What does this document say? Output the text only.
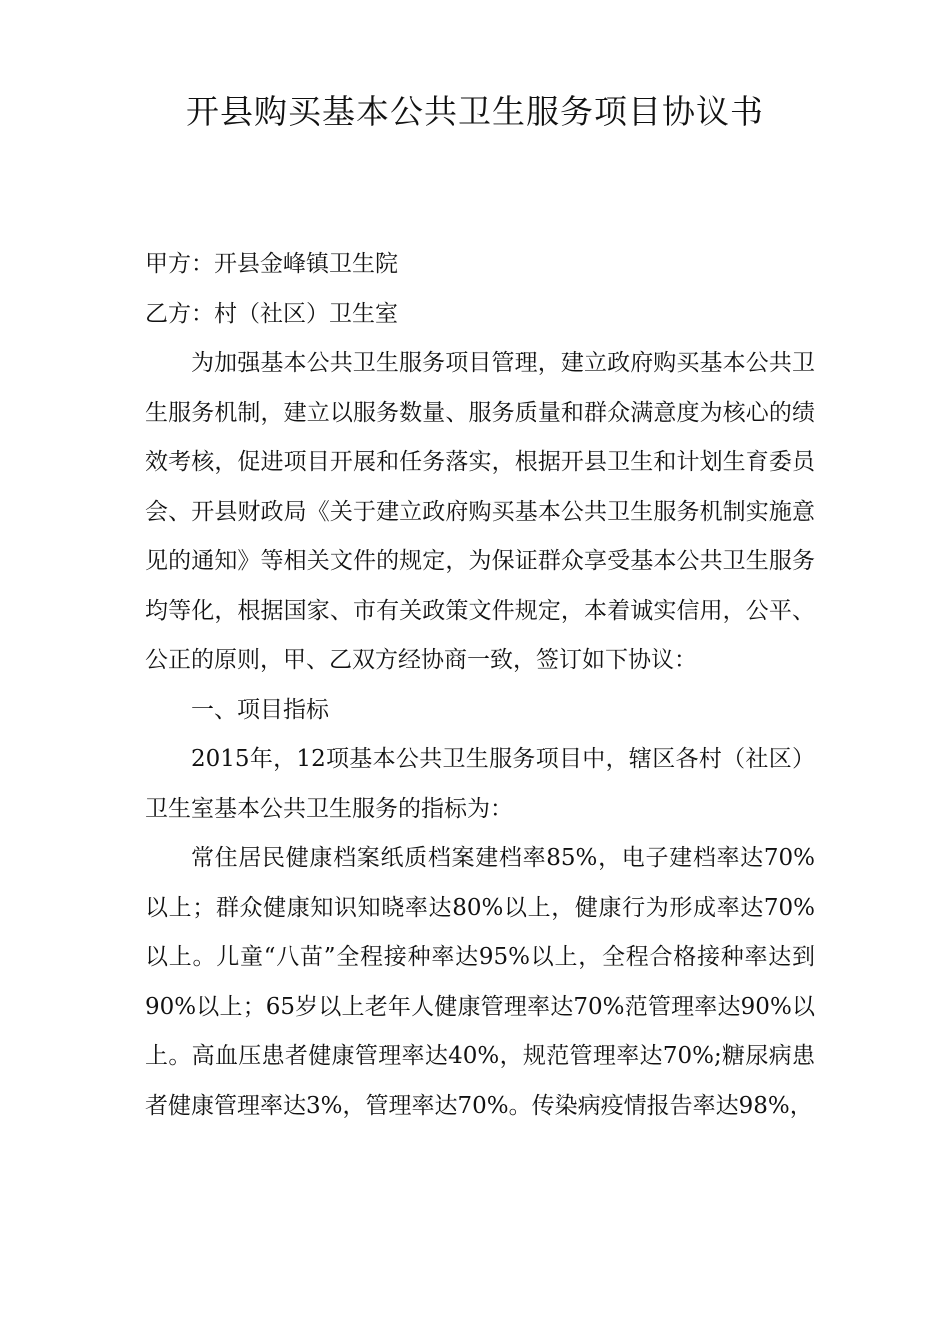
开县购买基本公共卫生服务项目协议书

甲方：开县金峰镇卫生院

乙方：村（社区）卫生室

为加强基本公共卫生服务项目管理，建立政府购买基本公共卫生服务机制，建立以服务数量、服务质量和群众满意度为核心的绩效考核，促进项目开展和任务落实，根据开县卫生和计划生育委员会、开县财政局《关于建立政府购买基本公共卫生服务机制实施意见的通知》等相关文件的规定，为保证群众享受基本公共卫生服务均等化，根据国家、市有关政策文件规定，本着诚实信用，公平、公正的原则，甲、乙双方经协商一致，签订如下协议：

一、项目指标

2015年，12项基本公共卫生服务项目中，辖区各村（社区）卫生室基本公共卫生服务的指标为：

常住居民健康档案纸质档案建档率85%，电子建档率达70%以上；群众健康知识知晓率达80%以上，健康行为形成率达70%以上。儿童“八苗”全程接种率达95%以上，全程合格接种率达到90%以上；65岁以上老年人健康管理率达70%范管理率达90%以上。高血压患者健康管理率达40%，规范管理率达70%;糖尿病患者健康管理率达3%，管理率达70%。传染病疫情报告率达98%，
